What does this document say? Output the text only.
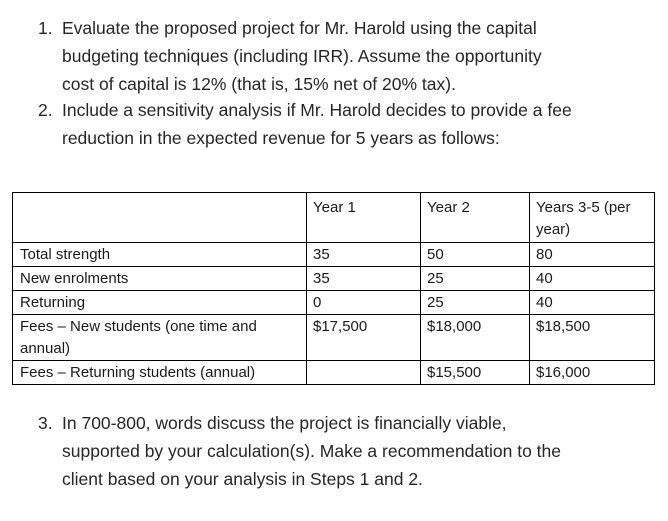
1. Evaluate the proposed project for Mr. Harold using the capital
budgeting techniques (including IRR). Assume the opportunity
cost of capital is 12% (that is, 15% net of 20% tax).
2. Include a sensitivity analysis if Mr. Harold decides to provide a fee
reduction in the expected revenue for 5 years as follows:
	Year 1	Year 2	Years 3-5 (per year)
Total strength	35	50	80
New enrolments	35	25	40
Returning	0	25	40
Fees – New students (one time and annual)	$17,500	$18,000	$18,500
Fees – Returning students (annual)		$15,500	$16,000
3. In 700-800, words discuss the project is financially viable,
supported by your calculation(s). Make a recommendation to the
client based on your analysis in Steps 1 and 2.
